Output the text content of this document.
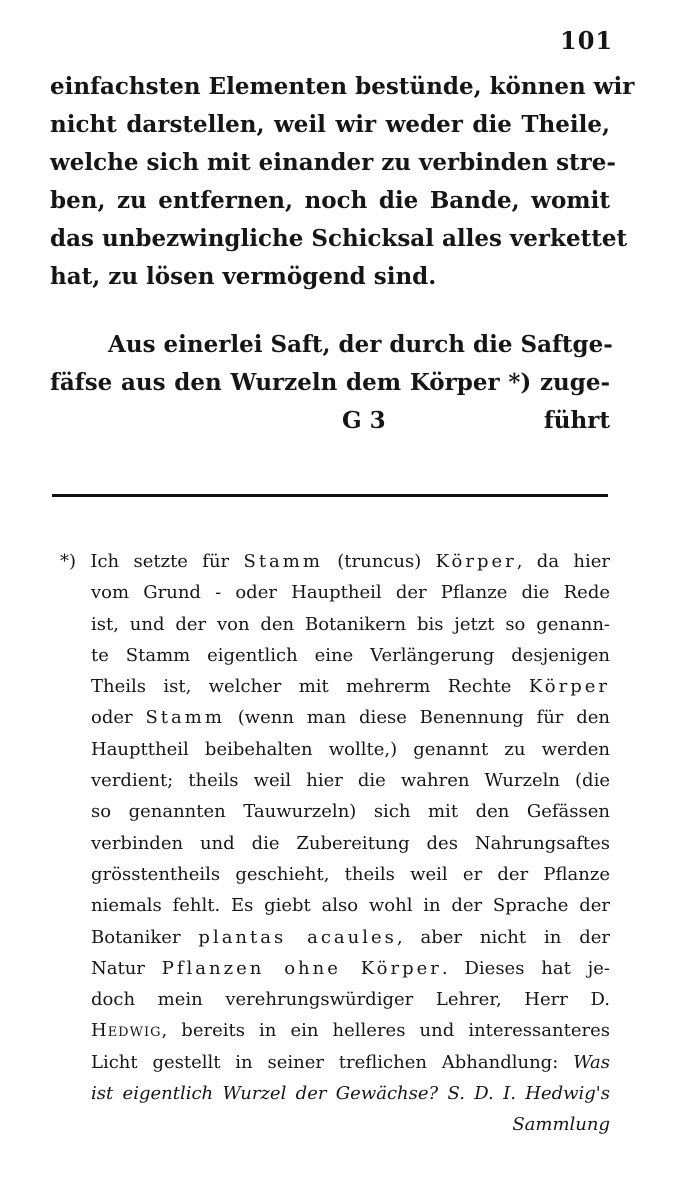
101
einfachsten Elementen bestünde, können wir
nicht darstellen, weil wir weder die Theile,
welche sich mit einander zu verbinden stre-
ben, zu entfernen, noch die Bande, womit
das unbezwingliche Schicksal alles verkettet
hat, zu lösen vermögend sind.
Aus einerlei Saft, der durch die Saftge-
fäfse aus den Wurzeln dem Körper *) zuge-
G 3	führt
*) Ich setzte für Stamm (truncus) Körper, da hier
vom Grund - oder Hauptheil der Pflanze die Rede
ist, und der von den Botanikern bis jetzt so genann-
te Stamm eigentlich eine Verlängerung desjenigen
Theils ist, welcher mit mehrerm Rechte Körper
oder Stamm (wenn man diese Benennung für den
Haupttheil beibehalten wollte,) genannt zu werden
verdient; theils weil hier die wahren Wurzeln (die
so genannten Tauwurzeln) sich mit den Gefässen
verbinden und die Zubereitung des Nahrungsaftes
grösstentheils geschieht, theils weil er der Pflanze
niemals fehlt. Es giebt also wohl in der Sprache der
Botaniker plantas acaules, aber nicht in der
Natur Pflanzen ohne Körper. Dieses hat je-
doch mein verehrungswürdiger Lehrer, Herr D.
Hedwig, bereits in ein helleres und interessanteres
Licht gestellt in seiner treflichen Abhandlung: Was
ist eigentlich Wurzel der Gewächse? S. D. I. Hedwig's
Sammlung
